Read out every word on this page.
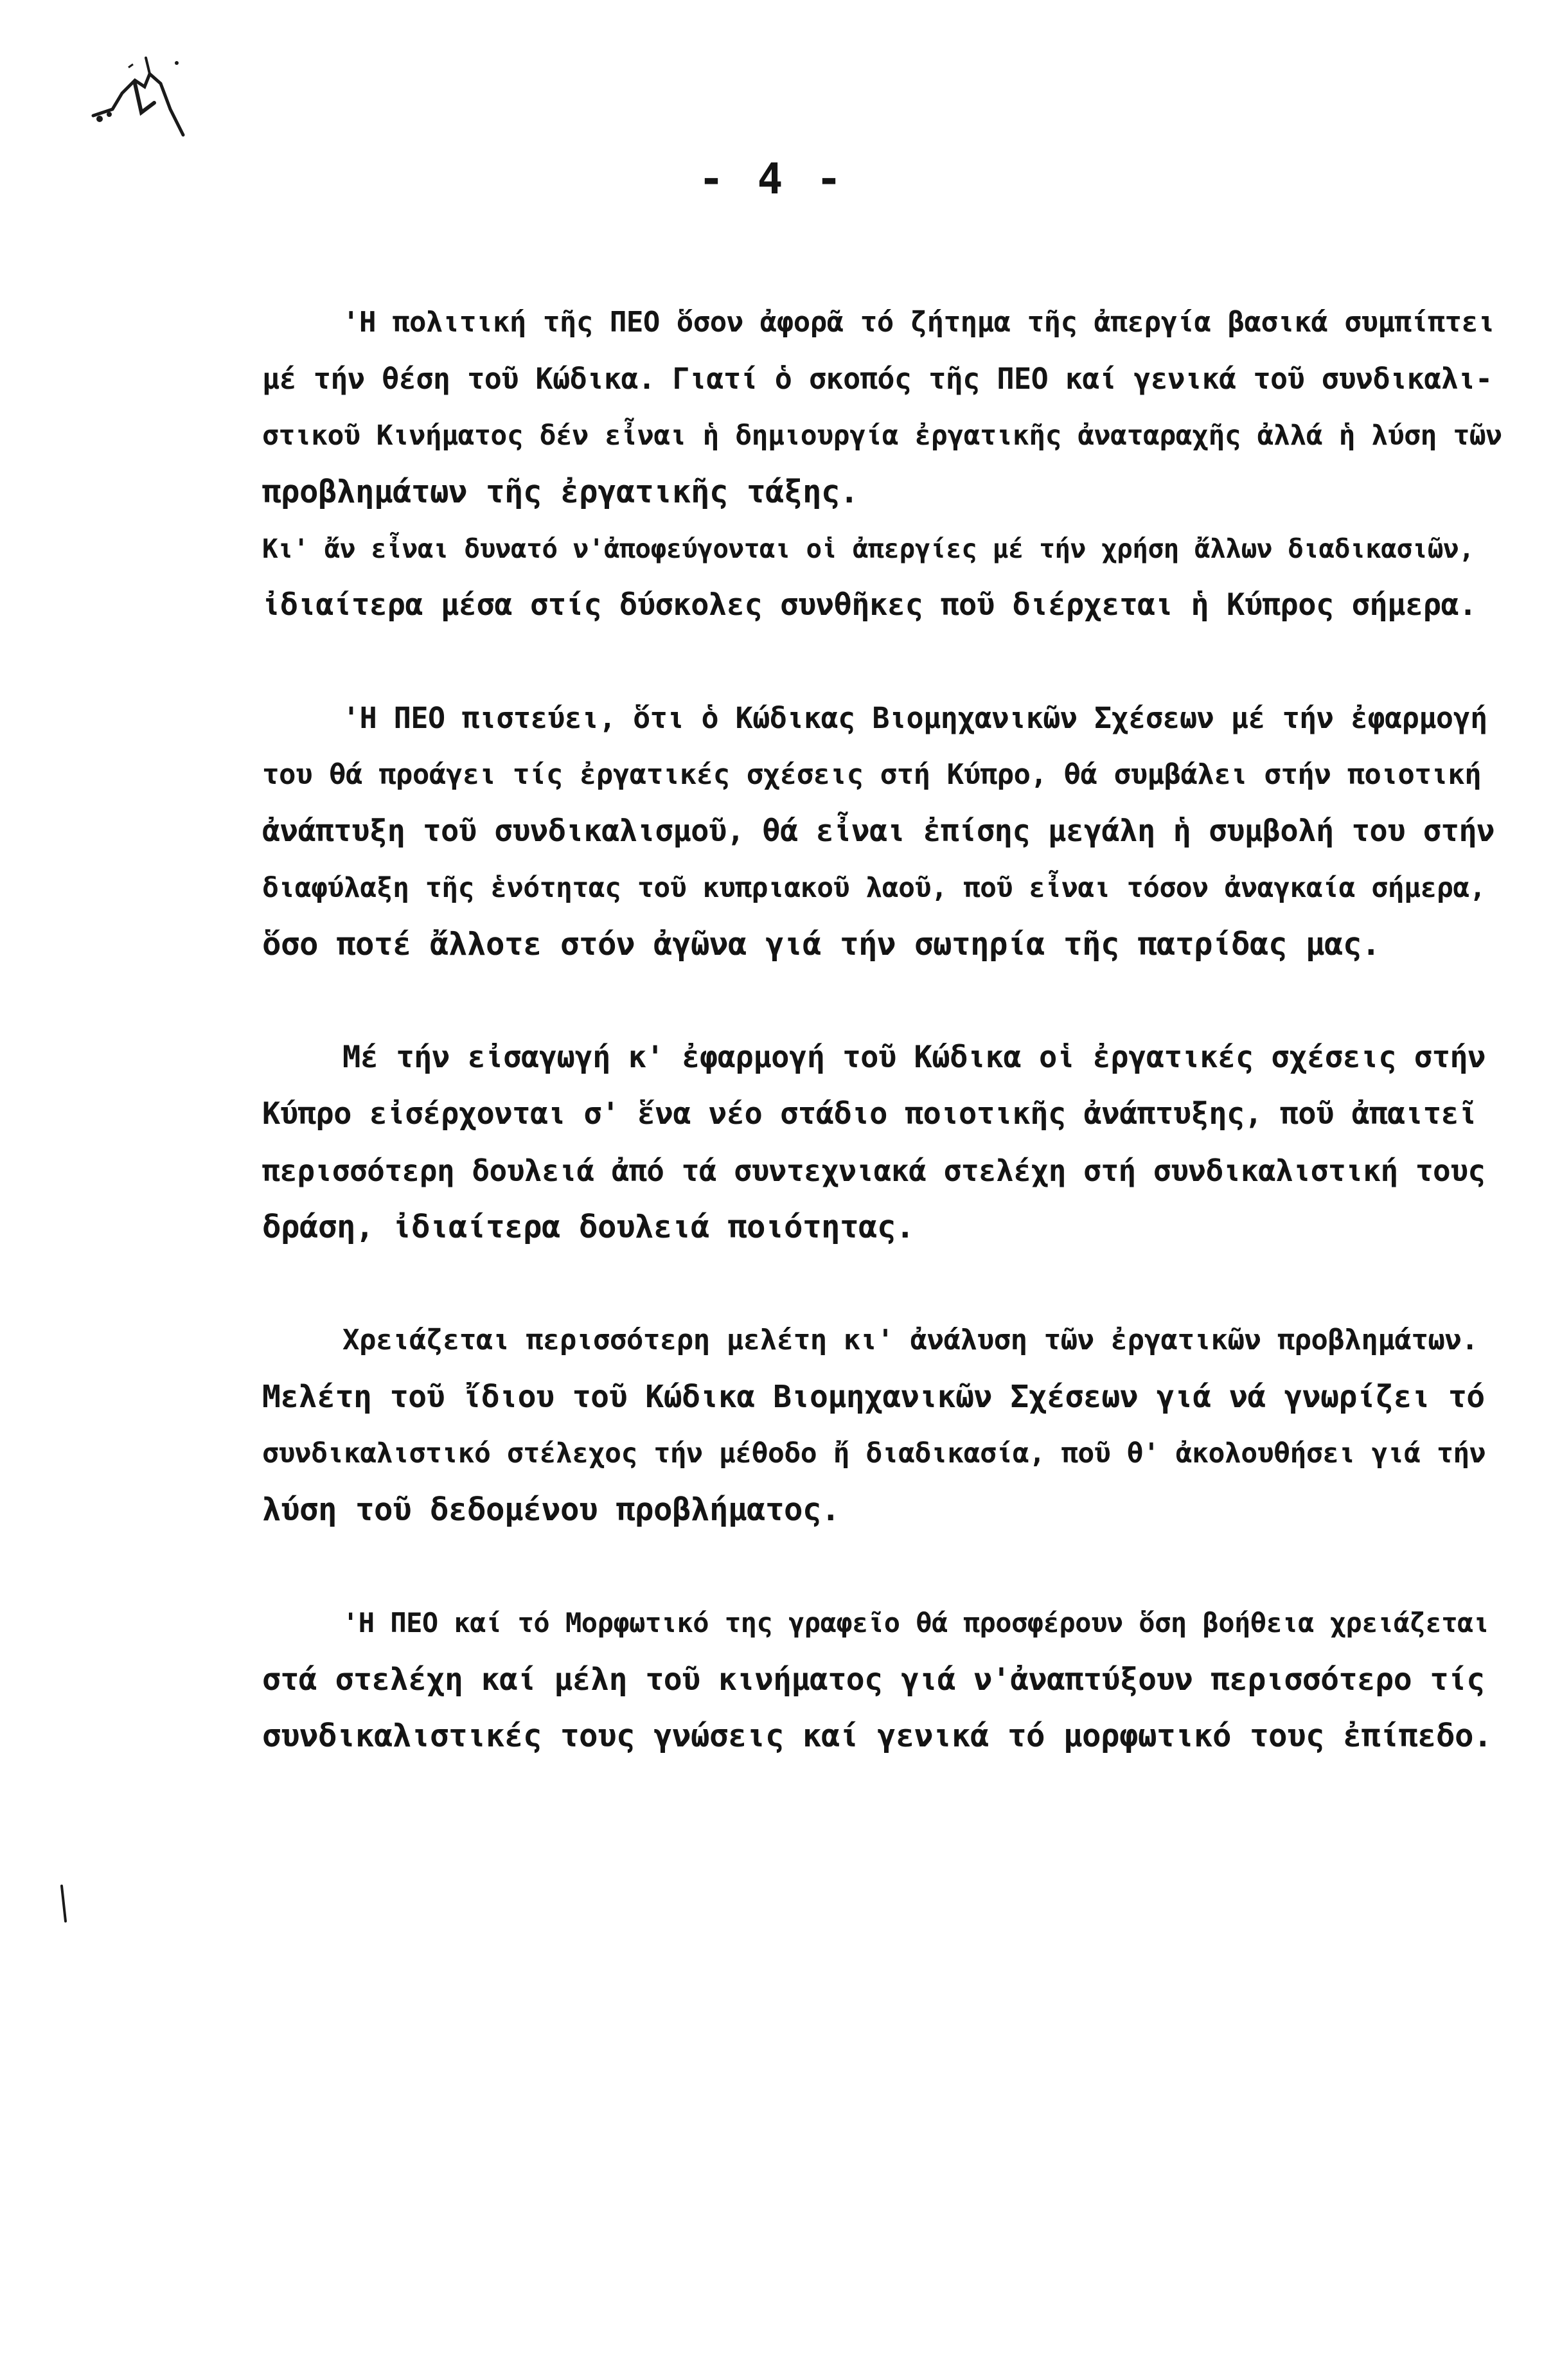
- 4 -
'Η πολιτική τῆς ΠΕΟ ὅσον ἀφορᾶ τό ζήτημα τῆς ἀπεργία βασικά συμπίπτει
μέ τήν θέση τοῦ Κώδικα. Γιατί ὁ σκοπός τῆς ΠΕΟ καί γενικά τοῦ συνδικαλι-
στικοῦ Κινήματος δέν εἶναι ἡ δημιουργία ἐργατικῆς ἀναταραχῆς ἀλλά ἡ λύση τῶν
προβλημάτων τῆς ἐργατικῆς τάξης.
Κι' ἄν εἶναι δυνατό ν'ἀποφεύγονται οἱ ἀπεργίες μέ τήν χρήση ἄλλων διαδικασιῶν,
ἰδιαίτερα μέσα στίς δύσκολες συνθῆκες ποῦ διέρχεται ἡ Κύπρος σήμερα.
'Η ΠΕΟ πιστεύει, ὅτι ὁ Κώδικας Βιομηχανικῶν Σχέσεων μέ τήν ἐφαρμογή
του θά προάγει τίς ἐργατικές σχέσεις στή Κύπρο, θά συμβάλει στήν ποιοτική
ἀνάπτυξη τοῦ συνδικαλισμοῦ, θά εἶναι ἐπίσης μεγάλη ἡ συμβολή του στήν
διαφύλαξη τῆς ἑνότητας τοῦ κυπριακοῦ λαοῦ, ποῦ εἶναι τόσον ἀναγκαία σήμερα,
ὅσο ποτέ ἄλλοτε στόν ἀγῶνα γιά τήν σωτηρία τῆς πατρίδας μας.
Μέ τήν εἰσαγωγή κ' ἐφαρμογή τοῦ Κώδικα οἱ ἐργατικές σχέσεις στήν
Κύπρο εἰσέρχονται σ' ἕνα νέο στάδιο ποιοτικῆς ἀνάπτυξης, ποῦ ἀπαιτεῖ
περισσότερη δουλειά ἀπό τά συντεχνιακά στελέχη στή συνδικαλιστική τους
δράση, ἰδιαίτερα δουλειά ποιότητας.
Χρειάζεται περισσότερη μελέτη κι' ἀνάλυση τῶν ἐργατικῶν προβλημάτων.
Μελέτη τοῦ ἴδιου τοῦ Κώδικα Βιομηχανικῶν Σχέσεων γιά νά γνωρίζει τό
συνδικαλιστικό στέλεχος τήν μέθοδο ἤ διαδικασία, ποῦ θ' ἀκολουθήσει γιά τήν
λύση τοῦ δεδομένου προβλήματος.
'Η ΠΕΟ καί τό Μορφωτικό της γραφεῖο θά προσφέρουν ὅση βοήθεια χρειάζεται
στά στελέχη καί μέλη τοῦ κινήματος γιά ν'ἀναπτύξουν περισσότερο τίς
συνδικαλιστικές τους γνώσεις καί γενικά τό μορφωτικό τους ἐπίπεδο.
